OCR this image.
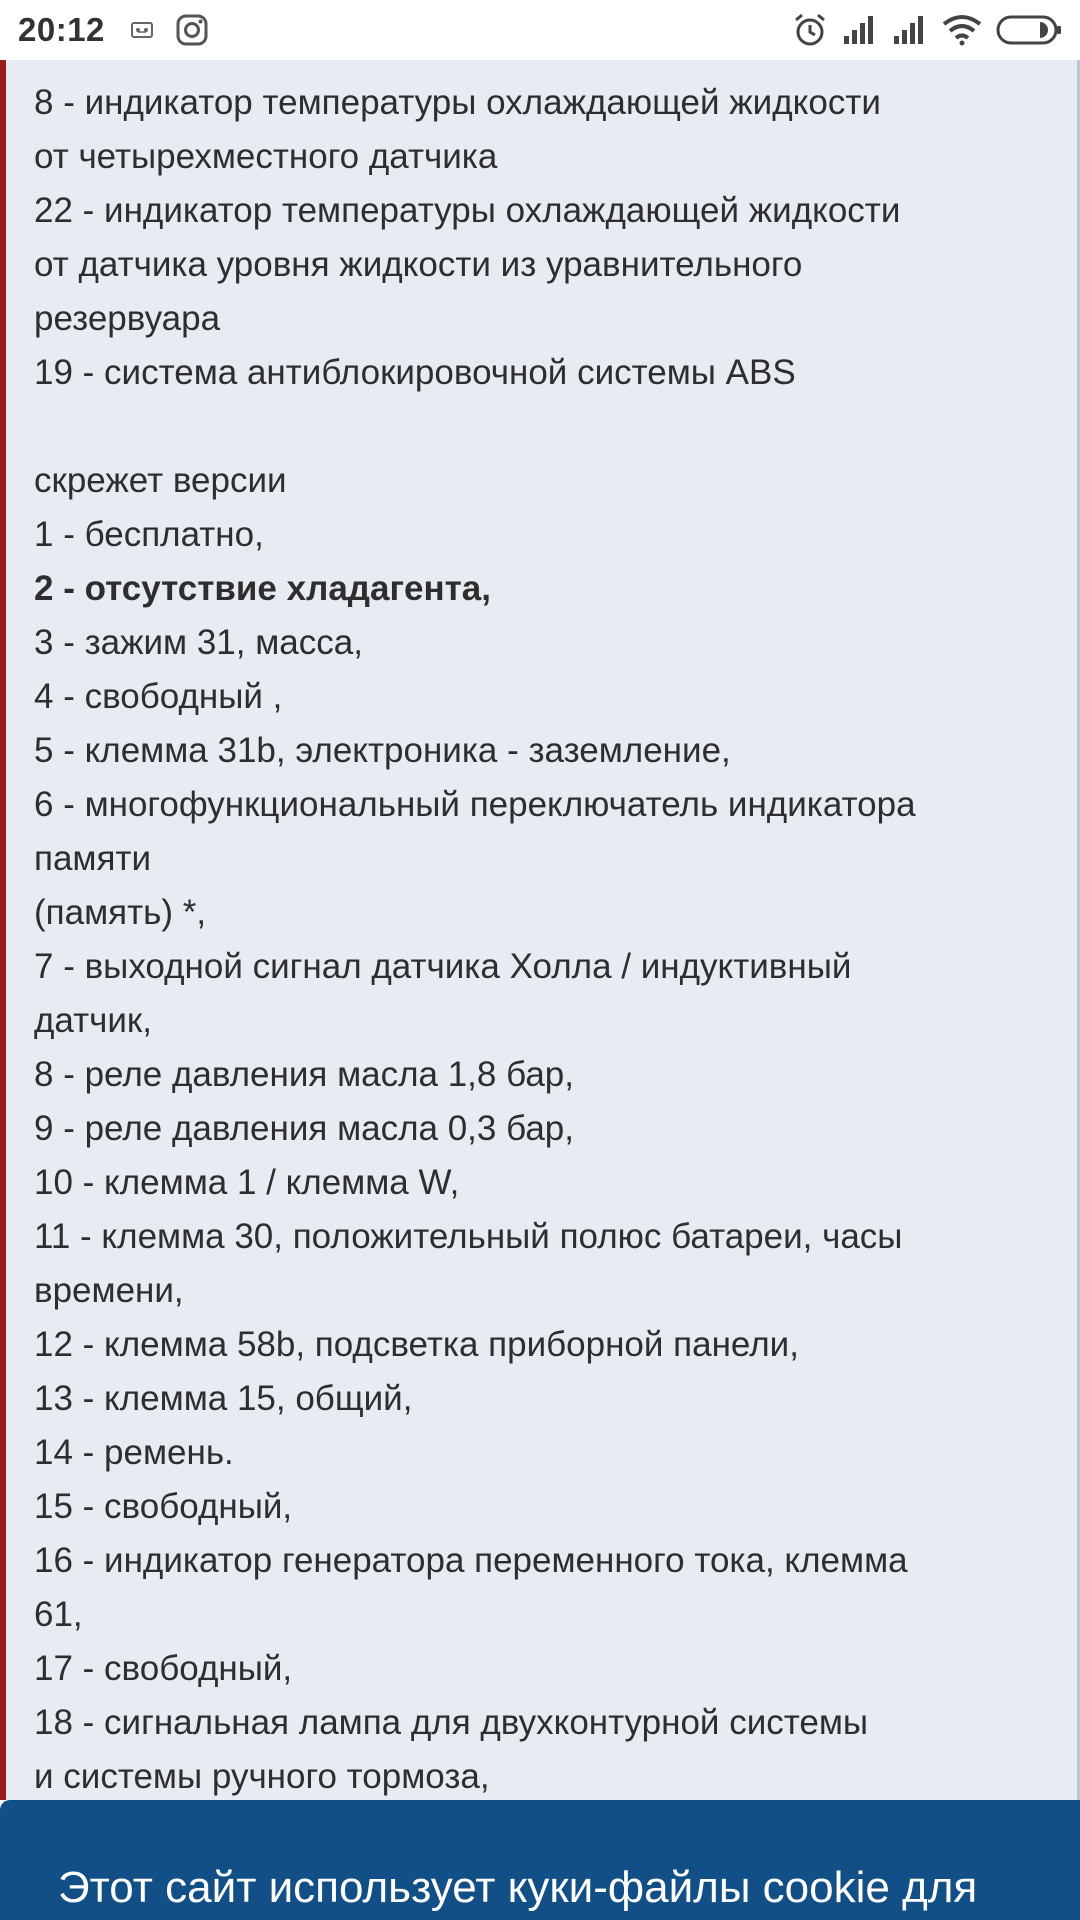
20:12
8 - индикатор температуры охлаждающей жидкости
от четырехместного датчика
22 - индикатор температуры охлаждающей жидкости
от датчика уровня жидкости из уравнительного
резервуара
19 - система антиблокировочной системы ABS
скрежет версии
1 - бесплатно,
2 - отсутствие хладагента,
3 - зажим 31, масса,
4 - свободный ,
5 - клемма 31b, электроника - заземление,
6 - многофункциональный переключатель индикатора
памяти
(память) *,
7 - выходной сигнал датчика Холла / индуктивный
датчик,
8 - реле давления масла 1,8 бар,
9 - реле давления масла 0,3 бар,
10 - клемма 1 / клемма W,
11 - клемма 30, положительный полюс батареи, часы
времени,
12 - клемма 58b, подсветка приборной панели,
13 - клемма 15, общий,
14 - ремень.
15 - свободный,
16 - индикатор генератора переменного тока, клемма
61,
17 - свободный,
18 - сигнальная лампа для двухконтурной системы
и системы ручного тормоза,
Этот сайт использует куки-файлы cookie для
